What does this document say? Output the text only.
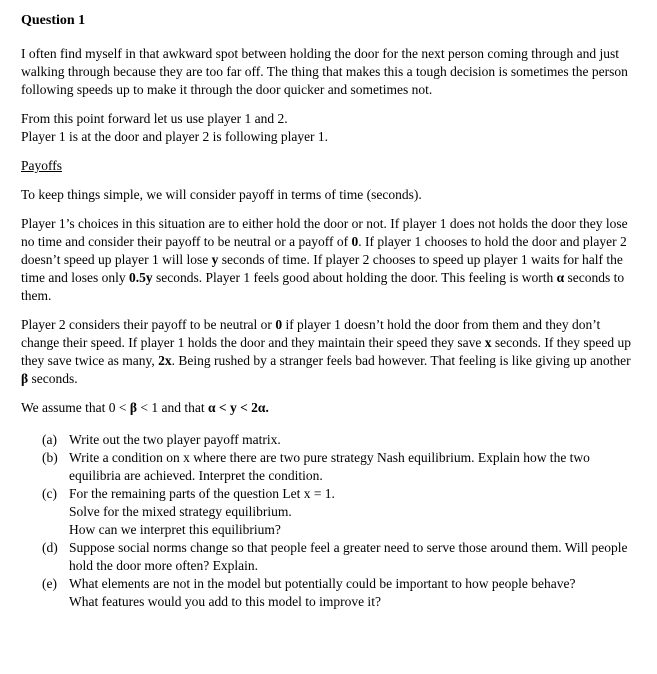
Question 1

I often find myself in that awkward spot between holding the door for the next person coming through and just walking through because they are too far off. The thing that makes this a tough decision is sometimes the person following speeds up to make it through the door quicker and sometimes not.

From this point forward let us use player 1 and 2.
Player 1 is at the door and player 2 is following player 1.

Payoffs

To keep things simple, we will consider payoff in terms of time (seconds).

Player 1’s choices in this situation are to either hold the door or not. If player 1 does not holds the door they lose no time and consider their payoff to be neutral or a payoff of 0. If player 1 chooses to hold the door and player 2 doesn’t speed up player 1 will lose y seconds of time. If player 2 chooses to speed up player 1 waits for half the time and loses only 0.5y seconds. Player 1 feels good about holding the door. This feeling is worth α seconds to them.

Player 2 considers their payoff to be neutral or 0 if player 1 doesn’t hold the door from them and they don’t change their speed. If player 1 holds the door and they maintain their speed they save x seconds. If they speed up they save twice as many, 2x. Being rushed by a stranger feels bad however. That feeling is like giving up another β seconds.

We assume that 0 < β < 1 and that α < y < 2α.

(a) Write out the two player payoff matrix.
(b) Write a condition on x where there are two pure strategy Nash equilibrium. Explain how the two equilibria are achieved. Interpret the condition.
(c) For the remaining parts of the question Let x = 1.
Solve for the mixed strategy equilibrium.
How can we interpret this equilibrium?
(d) Suppose social norms change so that people feel a greater need to serve those around them. Will people hold the door more often? Explain.
(e) What elements are not in the model but potentially could be important to how people behave?
What features would you add to this model to improve it?
